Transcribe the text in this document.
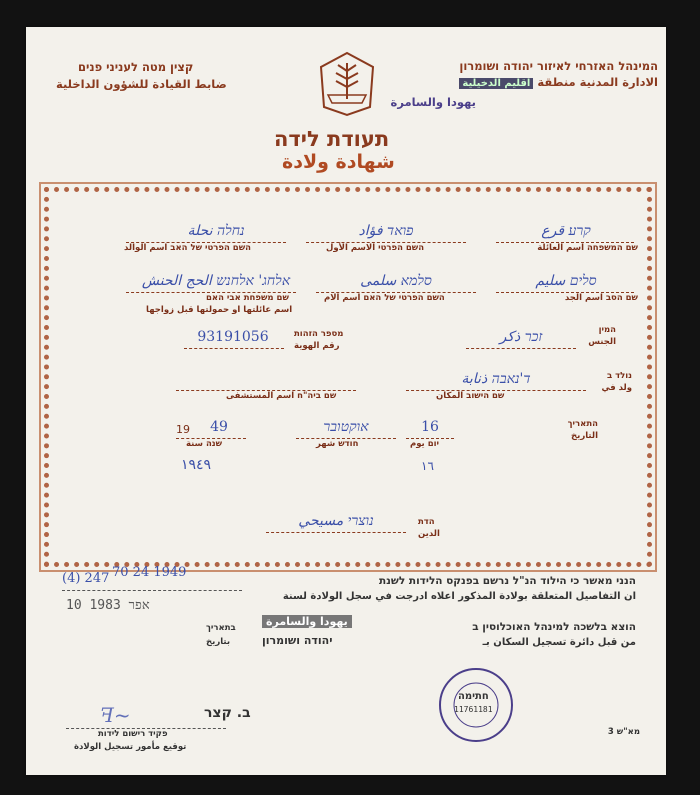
המינהל האזרחי לאיזור יהודה ושומרון
الادارة المدنية منطقة اقليم الدخيلية
يهودا والسامرة
קצין מטה לעניני פנים
ضابط القيادة للشؤون الداخلية
תעודת לידה
شهادة ولادة
קרע قرع
שם המשפחה اسم العائلة
פואד فؤاد
השם הפרטי الاسم الأول
נחלה نحلة
השם הפרטי של האב اسم الوالد
סלים سليم
שם הסב اسم الجد
סלמא سلمى
השם הפרטי של האם اسم الام
אלחג' אלחנש الحج الحنش
שם משפחת אבי האם
اسم عائلتها او حمولتها قبل زواجها
המין
الجنس
זכר ذكر
93191056	מספר הזהות
رقم الهوية
נולד ב
ولد في
ד'נאבה ذنابة
שם הישוב المكان
שם ביה"ח اسم المستشفى
התאריך
التاريخ
16
יום يوم
אוקטובר
חודש شهر
19	49
שנה سنة
١٩٤٩	١٦
נוצרי مسيحي	הדת
الدين
הנני מאשר כי הילוד הנ"ל נרשם בפנקס הלידות לשנת
ان التفاصيل المتعلقة بولادة المذكور اعلاه ادرجت في سجل الولادة لسنة
(4) 247 70 24 1949
10 אפר 1983
הוצא בלשכה למינהל האוכלוסין ב
من قبل دائرة تسجيل السكان بـ
يهودا والسامرة
יהודה ושומרון
בתאריך
بتاريخ
חתימה
11761181
ꟻ~	ב. קצר
פקיד רישום לידות
توقيع مأمور تسجيل الولادة
מא"ש 3
